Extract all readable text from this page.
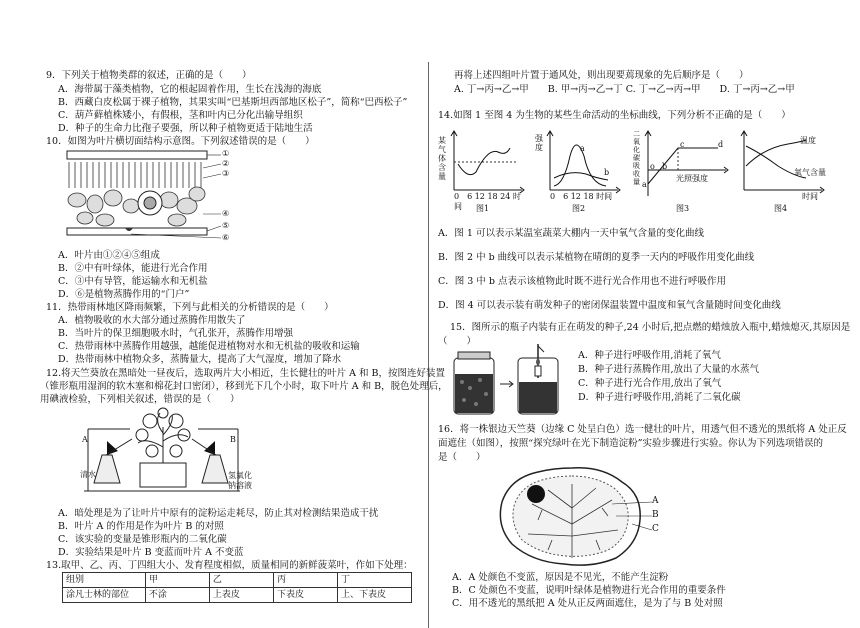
9．下列关于植物类群的叙述，正确的是（　　）
A．海带属于藻类植物，它的根起固着作用，生长在浅海的海底
B．西藏白皮松属于裸子植物，其果实叫“巴基斯坦西部地区松子”，简称“巴西松子”
C．葫芦藓植株矮小，有假根，茎和叶内已分化出输导组织
D．种子的生命力比孢子要强，所以种子植物更适于陆地生活
10．如图为叶片横切面结构示意图。下列叙述错误的是（　　）
①
②
③
④
⑤
⑥
A．叶片由①②④⑤组成
B．②中有叶绿体，能进行光合作用
C．③中有导管，能运输水和无机盐
D．⑥是植物蒸腾作用的“门户”
11．热带雨林地区降雨频繁，下列与此相关的分析错误的是（　　）
A．植物吸收的水大部分通过蒸腾作用散失了
B．当叶片的保卫细胞吸水时，气孔张开，蒸腾作用增强
C．热带雨林中蒸腾作用越强，越能促进植物对水和无机盐的吸收和运输
D．热带雨林中植物众多，蒸腾量大，提高了大气湿度，增加了降水
12.将天竺葵放在黑暗处一昼夜后，选取两片大小相近，生长健壮的叶片 A 和 B，按图连好装置
（锥形瓶用湿润的软木塞和棉花封口密闭），移到光下几个小时，取下叶片 A 和 B，脱色处理后，
用碘液检验，下列相关叙述，错误的是（　　）
A	B
清水	氢氧化
钠溶液
A．暗处理是为了让叶片中原有的淀粉运走耗尽，防止其对检测结果造成干扰
B．叶片 A 的作用是作为叶片 B 的对照
C．该实验的变量是锥形瓶内的二氧化碳
D．实验结果是叶片 B 变蓝而叶片 A 不变蓝
13.取甲、乙、丙、丁四组大小、发育程度相似，质量相同的新鲜菠菜叶，作如下处理：
组别	甲	乙	丙	丁
涂凡士林的部位	不涂	上表皮	下表皮	上、下表皮
再将上述四组叶片置于通风处，则出现要蔫现象的先后顺序是（　　）
A. 丁→丙→乙→甲　　B. 甲→丙→乙→丁 C. 丁→乙→丙→甲　　D. 丁→丙→乙→甲
14.如图 1 至图 4 为生物的某些生命活动的坐标曲线，下列分析不正确的是（　　）
某
气
体
含
量
0　6 12 18 24 时间	图1
强
度	a
b
0　6 12 18 时间
图2
二
氧
化
碳
吸
收
量
o b
a
c	d
光照强度
图3
温度
氧气含量
时间
图4
A．图 1 可以表示某温室蔬菜大棚内一天中氧气含量的变化曲线
B．图 2 中 b 曲线可以表示某植物在晴朗的夏季一天内的呼吸作用变化曲线
C．图 3 中 b 点表示该植物此时既不进行光合作用也不进行呼吸作用
D．图 4 可以表示装有萌发种子的密闭保温装置中温度和氧气含量随时间变化曲线
15．图所示的瓶子内装有正在萌发的种子,24 小时后,把点燃的蜡烛放入瓶中,蜡烛熄灭,其原因是
（　　）
A．种子进行呼吸作用,消耗了氧气
B．种子进行蒸腾作用,放出了大量的水蒸气
C．种子进行光合作用,放出了氧气
D．种子进行呼吸作用,消耗了二氧化碳
16．将一株银边天竺葵（边缘 C 处呈白色）选一健壮的叶片，用透气但不透光的黑纸将 A 处正反
面遮住（如图），按照“探究绿叶在光下制造淀粉”实验步骤进行实验。你认为下列选项错误的
是（　　）
A
B
C
A．A 处颜色不变蓝，原因是不见光，不能产生淀粉
B．C 处颜色不变蓝，说明叶绿体是植物进行光合作用的重要条件
C．用不透光的黑纸把 A 处从正反两面遮住，是为了与 B 处对照
